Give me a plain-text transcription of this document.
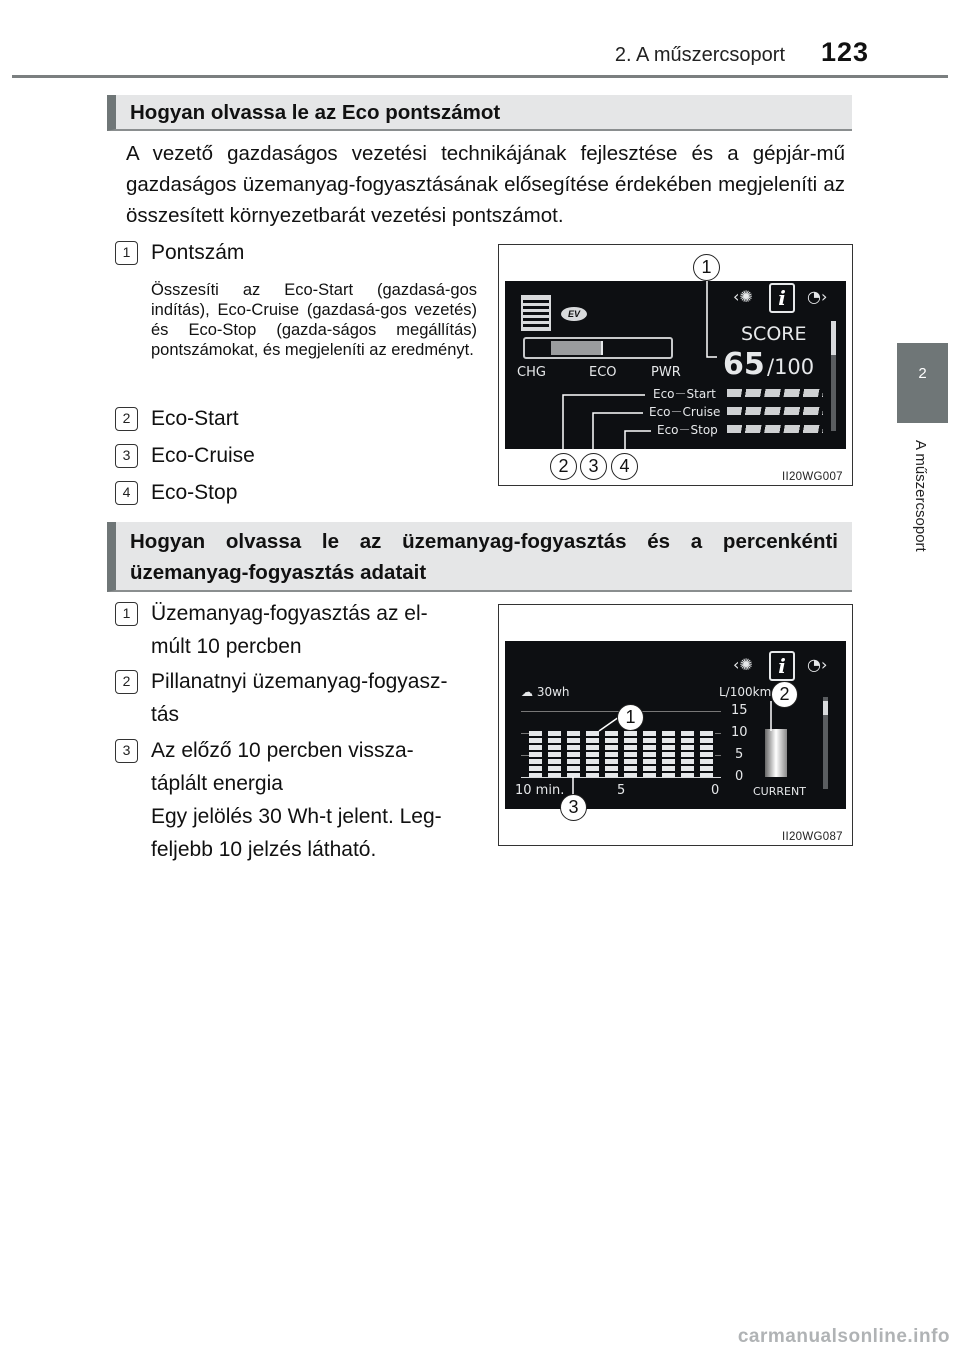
2. A műszercsoport	123
2
A műszercsoport
Hogyan olvassa le az Eco pontszámot
A vezető gazdaságos vezetési technikájának fejlesztése és a gépjár-mű gazdaságos üzemanyag-fogyasztásának elősegítése érdekében megjeleníti az összesített környezetbarát vezetési pontszámot.
1 Pontszám
Összesíti az Eco-Start (gazdasá-gos indítás), Eco-Cruise (gazdasá-gos vezetés) és Eco-Stop (gazda-ságos megállítás) pontszámokat, és megjeleníti az eredményt.
2 Eco-Start
3 Eco-Cruise
4 Eco-Stop
EV
CHG	ECO	PWR
‹✺	i	◔›
SCORE
65 /100
Eco－Start
Eco－Cruise
Eco－Stop
1
2	3	4
II20WG007
Hogyan olvassa le az üzemanyag-fogyasztás és a percenkénti üzemanyag-fogyasztás adatait
1 Üzemanyag-fogyasztás az el-
múlt 10 percben
2 Pillanatnyi üzemanyag-fogyasz-
tás
3 Az előző 10 percben vissza-
táplált energia
Egy jelölés 30 Wh-t jelent. Leg-
feljebb 10 jelzés látható.
‹✺	i	◔›
☁ 30wh	L/100km
15
10
5
0
10 min.	5	0	CURRENT
1
2
3
II20WG087
carmanualsonline.info
